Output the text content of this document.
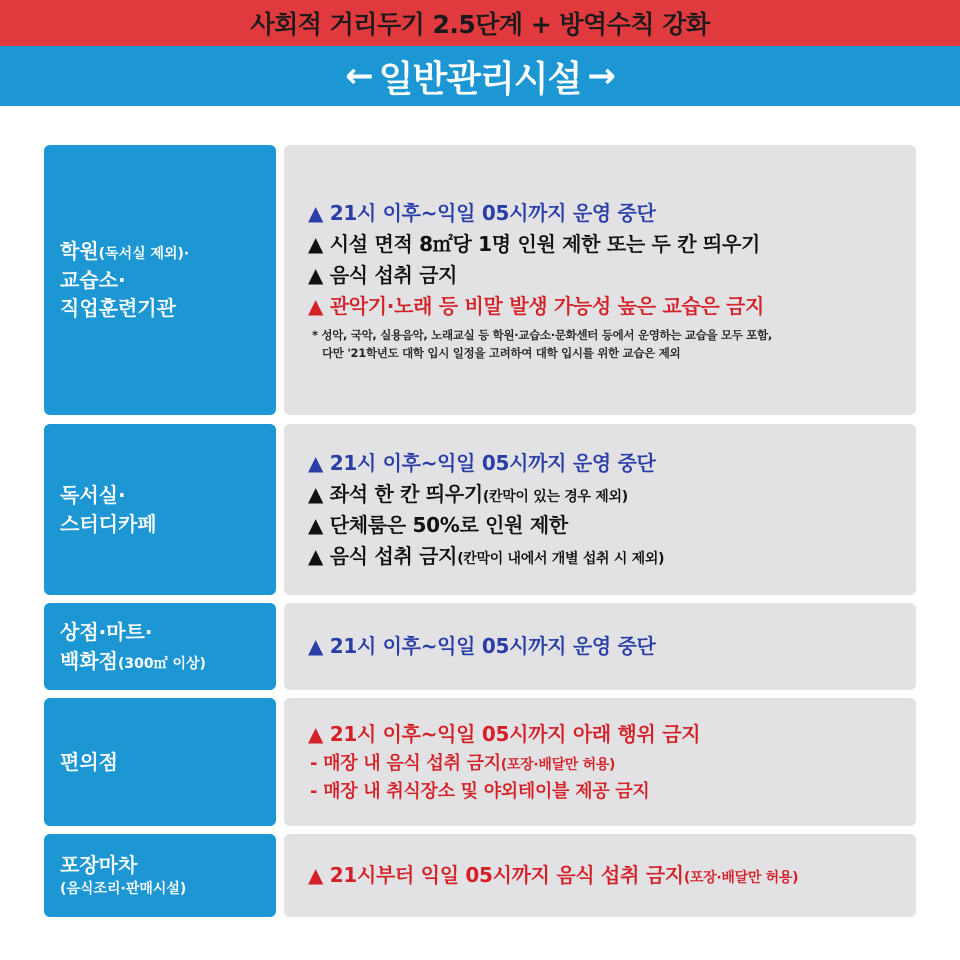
사회적 거리두기 2.5단계 + 방역수칙 강화
← 일반관리시설 →
학원(독서실 제외)·
교습소·
직업훈련기관
▲ 21시 이후~익일 05시까지 운영 중단
▲ 시설 면적 8㎡당 1명 인원 제한 또는 두 칸 띄우기
▲ 음식 섭취 금지
▲ 관악기·노래 등 비말 발생 가능성 높은 교습은 금지
* 성악, 국악, 실용음악, 노래교실 등 학원·교습소·문화센터 등에서 운영하는 교습을 모두 포함,
다만 '21학년도 대학 입시 일정을 고려하여 대학 입시를 위한 교습은 제외
독서실·
스터디카페
▲ 21시 이후~익일 05시까지 운영 중단
▲ 좌석 한 칸 띄우기(칸막이 있는 경우 제외)
▲ 단체룸은 50%로 인원 제한
▲ 음식 섭취 금지(칸막이 내에서 개별 섭취 시 제외)
상점·마트·
백화점(300㎡ 이상)
▲ 21시 이후~익일 05시까지 운영 중단
편의점
▲ 21시 이후~익일 05시까지 아래 행위 금지
- 매장 내 음식 섭취 금지(포장·배달만 허용)
- 매장 내 취식장소 및 야외테이블 제공 금지
포장마차
(음식조리·판매시설)
▲ 21시부터 익일 05시까지 음식 섭취 금지(포장·배달만 허용)
